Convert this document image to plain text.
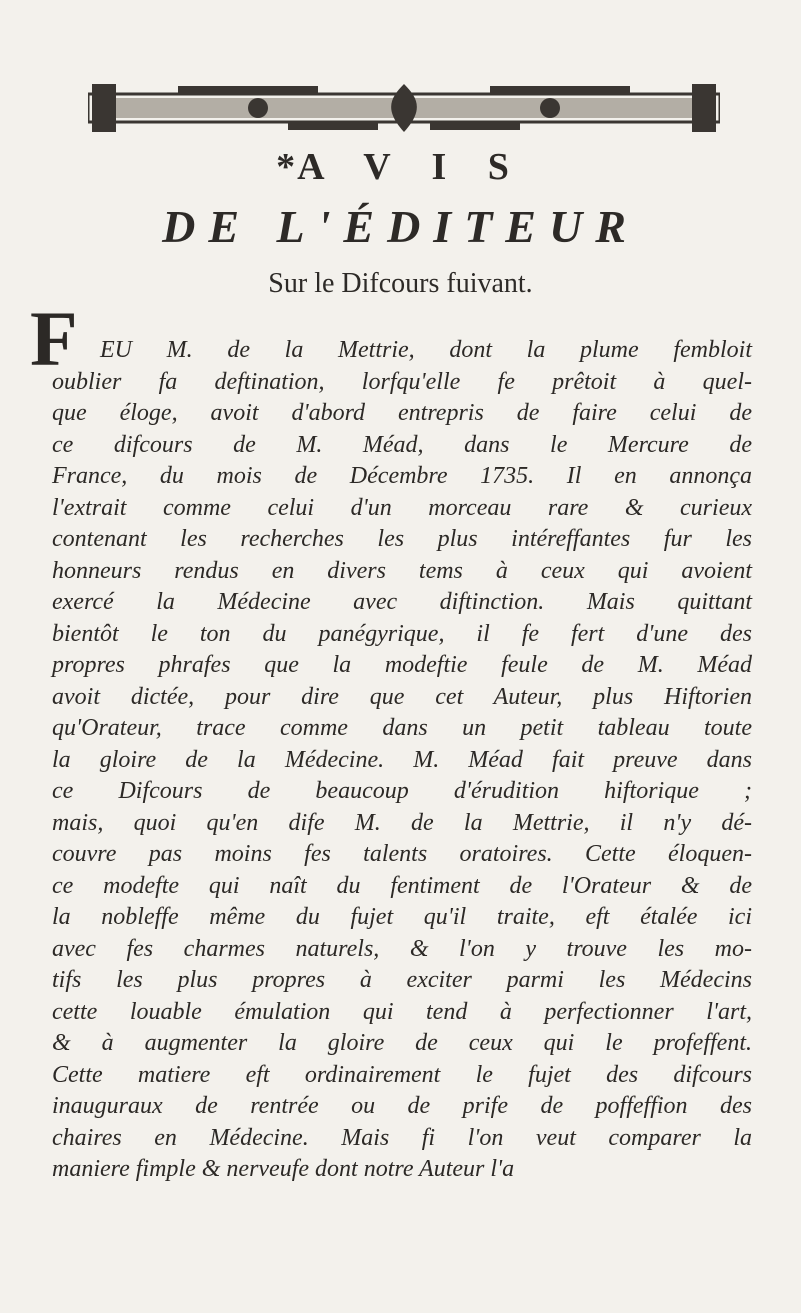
*A V I S
DE L'ÉDITEUR
Sur le Difcours fuivant.
F EU M. de la Mettrie, dont la plume fembloit
oublier fa deftination, lorfqu'elle fe prêtoit à quel-
que éloge, avoit d'abord entrepris de faire celui de
ce difcours de M. Méad, dans le Mercure de
France, du mois de Décembre 1735. Il en annonça
l'extrait comme celui d'un morceau rare & curieux
contenant les recherches les plus intéreffantes fur les
honneurs rendus en divers tems à ceux qui avoient
exercé la Médecine avec diftinction. Mais quittant
bientôt le ton du panégyrique, il fe fert d'une des
propres phrafes que la modeftie feule de M. Méad
avoit dictée, pour dire que cet Auteur, plus Hiftorien
qu'Orateur, trace comme dans un petit tableau toute
la gloire de la Médecine. M. Méad fait preuve dans
ce Difcours de beaucoup d'érudition hiftorique ;
mais, quoi qu'en dife M. de la Mettrie, il n'y dé-
couvre pas moins fes talents oratoires. Cette éloquen-
ce modefte qui naît du fentiment de l'Orateur & de
la nobleffe même du fujet qu'il traite, eft étalée ici
avec fes charmes naturels, & l'on y trouve les mo-
tifs les plus propres à exciter parmi les Médecins
cette louable émulation qui tend à perfectionner l'art,
& à augmenter la gloire de ceux qui le profeffent.
Cette matiere eft ordinairement le fujet des difcours
inauguraux de rentrée ou de prife de poffeffion des
chaires en Médecine. Mais fi l'on veut comparer la
maniere fimple & nerveufe dont notre Auteur l'a
